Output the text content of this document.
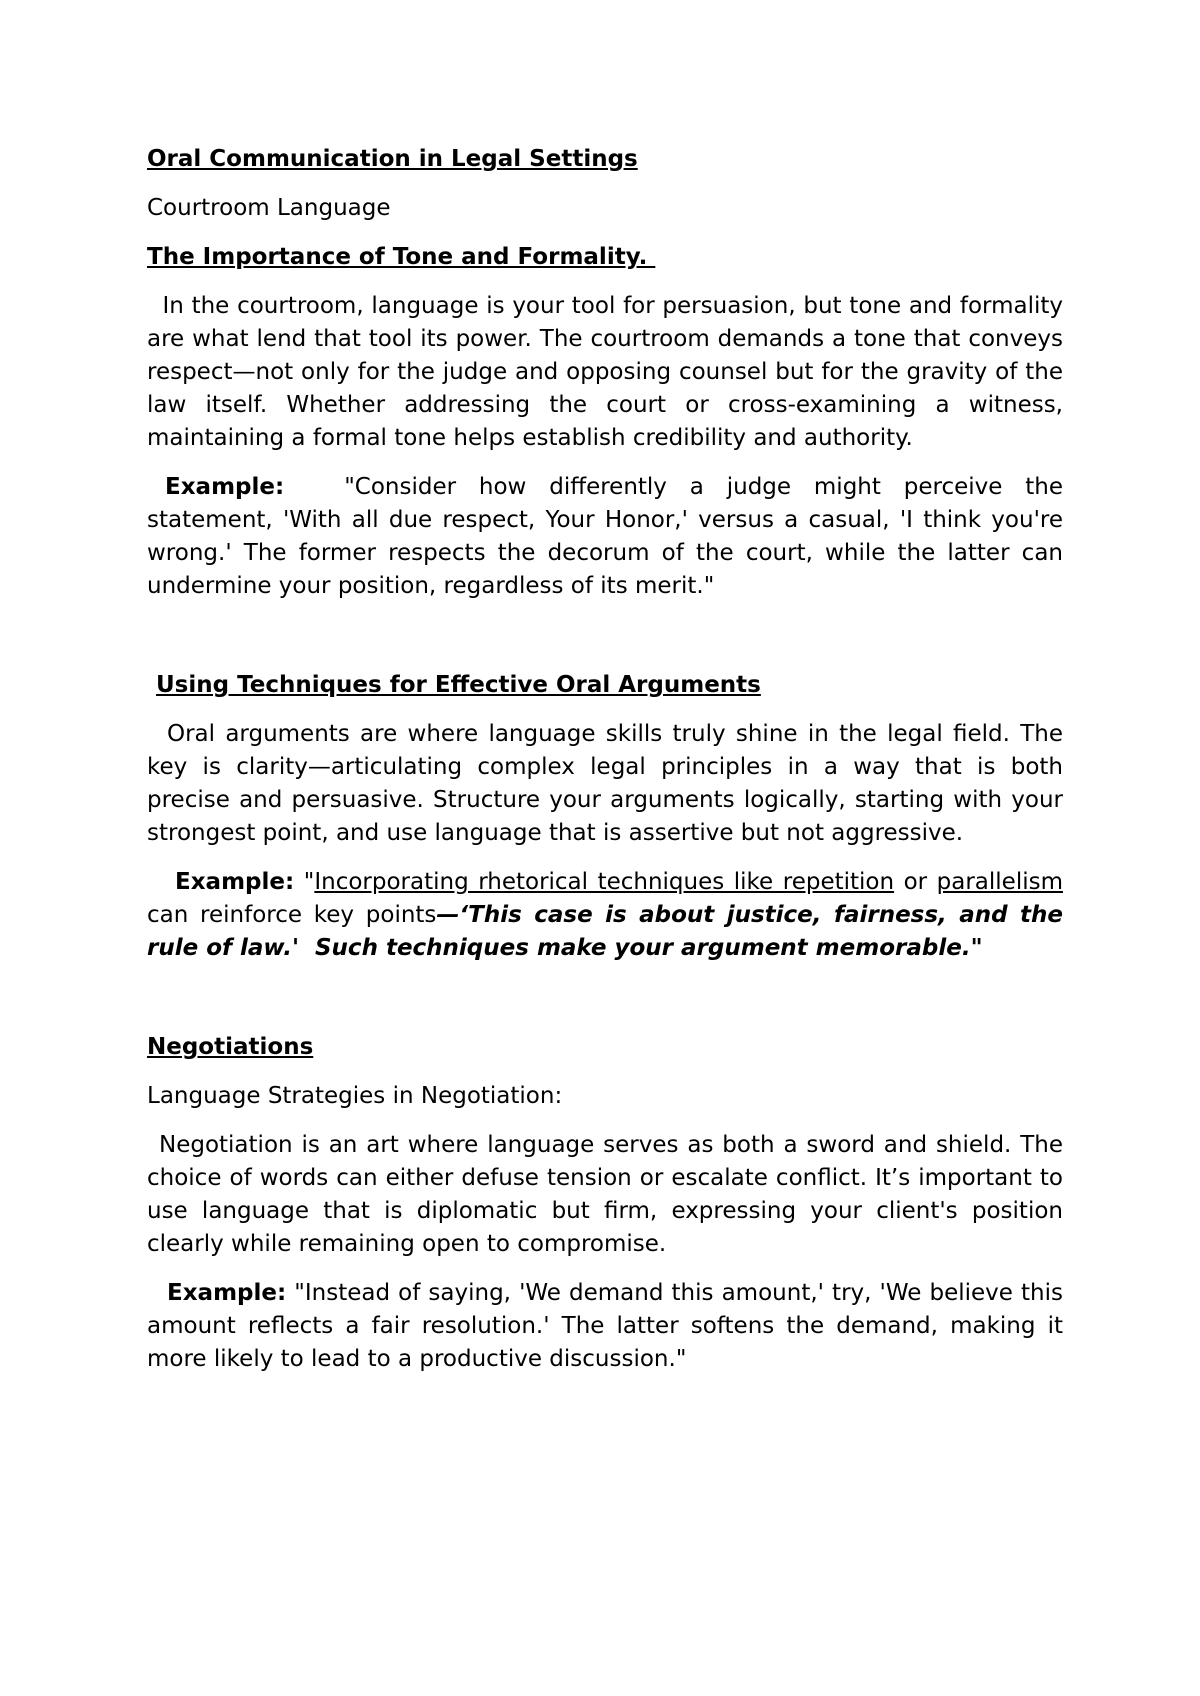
Oral Communication in Legal Settings

Courtroom Language

The Importance of Tone and Formality.

In the courtroom, language is your tool for persuasion, but tone and formality are what lend that tool its power. The courtroom demands a tone that conveys respect—not only for the judge and opposing counsel but for the gravity of the law itself. Whether addressing the court or cross-examining a witness, maintaining a formal tone helps establish credibility and authority.

Example:	"Consider how differently a judge might perceive the statement, 'With all due respect, Your Honor,' versus a casual, 'I think you're wrong.' The former respects the decorum of the court, while the latter can undermine your position, regardless of its merit."

Using Techniques for Effective Oral Arguments

Oral arguments are where language skills truly shine in the legal field. The key is clarity—articulating complex legal principles in a way that is both precise and persuasive. Structure your arguments logically, starting with your strongest point, and use language that is assertive but not aggressive.

Example: "Incorporating rhetorical techniques like repetition or parallelism can reinforce key points—‘This case is about justice, fairness, and the rule of law.'  Such techniques make your argument memorable."

Negotiations

Language Strategies in Negotiation:

Negotiation is an art where language serves as both a sword and shield. The choice of words can either defuse tension or escalate conflict. It’s important to use language that is diplomatic but firm, expressing your client's position clearly while remaining open to compromise.

Example: "Instead of saying, 'We demand this amount,' try, 'We believe this amount reflects a fair resolution.' The latter softens the demand, making it more likely to lead to a productive discussion."
